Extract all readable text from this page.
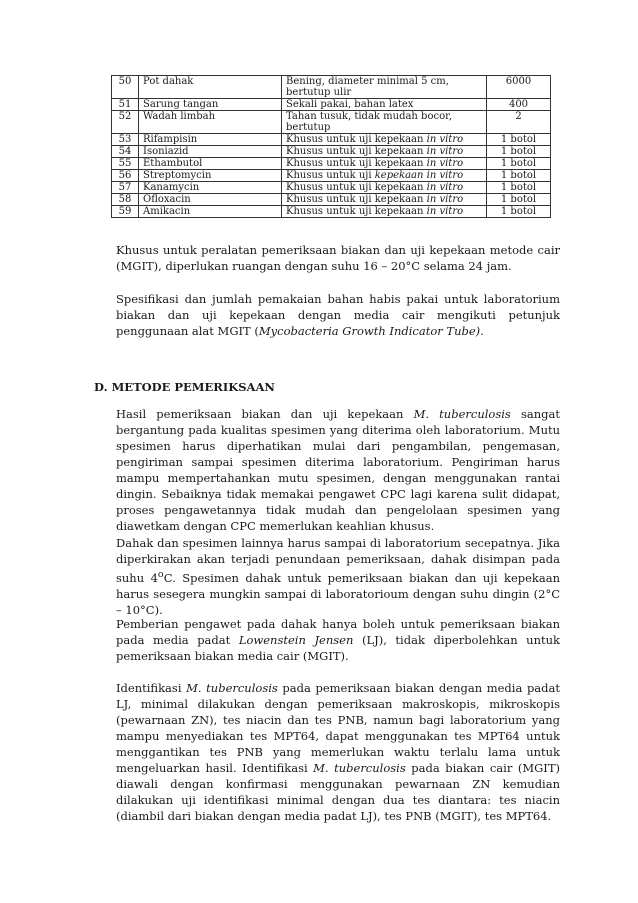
50	Pot dahak	Bening, diameter minimal 5 cm, bertutup ulir	6000
51	Sarung tangan	Sekali pakai, bahan latex	400
52	Wadah limbah	Tahan tusuk, tidak mudah bocor, bertutup	2
53	Rifampisin	Khusus untuk uji kepekaan in vitro	1 botol
54	Isoniazid	Khusus untuk uji kepekaan in vitro	1 botol
55	Ethambutol	Khusus untuk uji kepekaan in vitro	1 botol
56	Streptomycin	Khusus untuk uji kepekaan in vitro	1 botol
57	Kanamycin	Khusus untuk uji kepekaan in vitro	1 botol
58	Ofloxacin	Khusus untuk uji kepekaan in vitro	1 botol
59	Amikacin	Khusus untuk uji kepekaan in vitro	1 botol

Khusus untuk peralatan pemeriksaan biakan dan uji kepekaan metode cair (MGIT), diperlukan ruangan dengan suhu 16 – 20°C selama 24 jam.

Spesifikasi dan jumlah pemakaian bahan habis pakai untuk laboratorium biakan dan uji kepekaan dengan media cair mengikuti petunjuk penggunaan alat MGIT (Mycobacteria Growth Indicator Tube).

D. METODE PEMERIKSAAN

Hasil pemeriksaan biakan dan uji kepekaan M. tuberculosis sangat bergantung pada kualitas spesimen yang diterima oleh laboratorium. Mutu spesimen harus diperhatikan mulai dari pengambilan, pengemasan, pengiriman sampai spesimen diterima laboratorium. Pengiriman harus mampu mempertahankan mutu spesimen, dengan menggunakan rantai dingin. Sebaiknya tidak memakai pengawet CPC lagi karena sulit didapat, proses pengawetannya tidak mudah dan pengelolaan spesimen yang diawetkam dengan CPC memerlukan keahlian khusus.

Dahak dan spesimen lainnya harus sampai di laboratorium secepatnya. Jika diperkirakan akan terjadi penundaan pemeriksaan, dahak disimpan pada suhu 4$^o$C. Spesimen dahak untuk pemeriksaan biakan dan uji kepekaan harus sesegera mungkin sampai di laboratorioum dengan suhu dingin (2°C – 10°C).

Pemberian pengawet pada dahak hanya boleh untuk pemeriksaan biakan pada media padat Lowenstein Jensen (LJ), tidak diperbolehkan untuk pemeriksaan biakan media cair (MGIT).

Identifikasi M. tuberculosis pada pemeriksaan biakan dengan media padat LJ, minimal dilakukan dengan pemeriksaan makroskopis, mikroskopis (pewarnaan ZN), tes niacin dan tes PNB, namun bagi laboratorium yang mampu menyediakan tes MPT64, dapat menggunakan tes MPT64 untuk menggantikan tes PNB yang memerlukan waktu terlalu lama untuk mengeluarkan hasil. Identifikasi M. tuberculosis pada biakan cair (MGIT) diawali dengan konfirmasi menggunakan pewarnaan ZN kemudian dilakukan uji identifikasi minimal dengan dua tes diantara: tes niacin (diambil dari biakan dengan media padat LJ), tes PNB (MGIT), tes MPT64.
